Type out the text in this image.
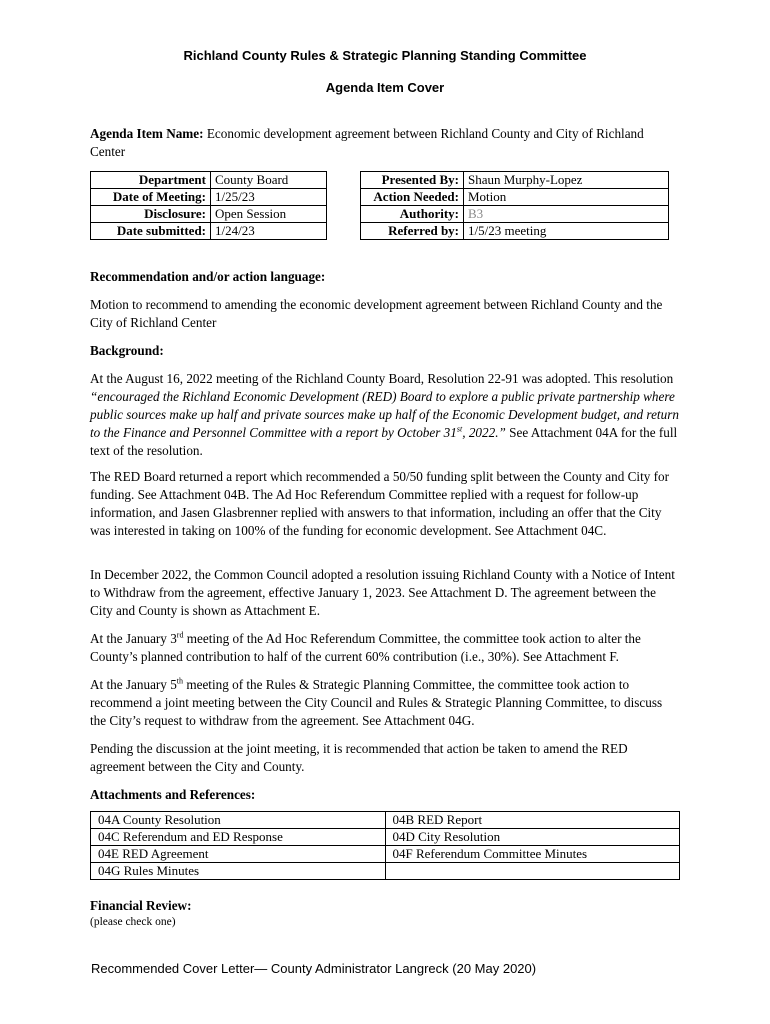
Richland County Rules & Strategic Planning Standing Committee
Agenda Item Cover
Agenda Item Name: Economic development agreement between Richland County and City of Richland Center
Department	County Board		Presented By:	Shaun Murphy-Lopez
Date of Meeting:	1/25/23		Action Needed:	Motion
Disclosure:	Open Session		Authority:	B3
Date submitted:	1/24/23		Referred by:	1/5/23 meeting
Recommendation and/or action language:
Motion to recommend to amending the economic development agreement between Richland County and the City of Richland Center
Background:
At the August 16, 2022 meeting of the Richland County Board, Resolution 22-91 was adopted. This resolution “encouraged the Richland Economic Development (RED) Board to explore a public private partnership where public sources make up half and private sources make up half of the Economic Development budget, and return to the Finance and Personnel Committee with a report by October 31st, 2022.” See Attachment 04A for the full text of the resolution.
The RED Board returned a report which recommended a 50/50 funding split between the County and City for funding. See Attachment 04B. The Ad Hoc Referendum Committee replied with a request for follow-up information, and Jasen Glasbrenner replied with answers to that information, including an offer that the City was interested in taking on 100% of the funding for economic development. See Attachment 04C.
In December 2022, the Common Council adopted a resolution issuing Richland County with a Notice of Intent to Withdraw from the agreement, effective January 1, 2023. See Attachment D. The agreement between the City and County is shown as Attachment E.
At the January 3rd meeting of the Ad Hoc Referendum Committee, the committee took action to alter the County’s planned contribution to half of the current 60% contribution (i.e., 30%). See Attachment F.
At the January 5th meeting of the Rules & Strategic Planning Committee, the committee took action to recommend a joint meeting between the City Council and Rules & Strategic Planning Committee, to discuss the City’s request to withdraw from the agreement. See Attachment 04G.
Pending the discussion at the joint meeting, it is recommended that action be taken to amend the RED agreement between the City and County.
Attachments and References:
04A County Resolution	04B RED Report
04C Referendum and ED Response	04D City Resolution
04E RED Agreement	04F Referendum Committee Minutes
04G Rules Minutes	
Financial Review:
(please check one)
Recommended Cover Letter— County Administrator Langreck (20 May 2020)
